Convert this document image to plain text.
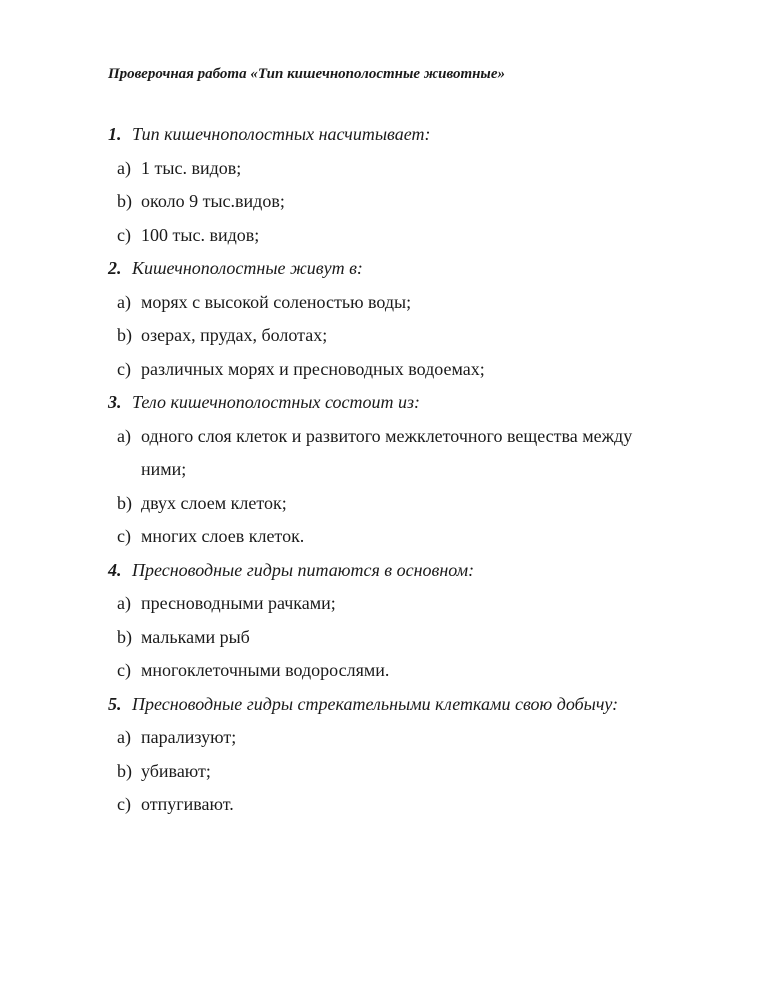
Проверочная работа «Тип кишечнополостные животные»
1. Тип кишечнополостных насчитывает:
a) 1 тыс. видов;
b) около 9 тыс.видов;
c) 100 тыс. видов;
2. Кишечнополостные живут в:
a) морях с высокой соленостью воды;
b) озерах, прудах, болотах;
c) различных морях и пресноводных водоемах;
3. Тело кишечнополостных состоит из:
a) одного слоя клеток и развитого межклеточного вещества между
ними;
b) двух слоем клеток;
c) многих слоев клеток.
4. Пресноводные гидры питаются в основном:
a) пресноводными рачками;
b) мальками рыб
c) многоклеточными водорослями.
5. Пресноводные гидры стрекательными клетками свою добычу:
a) парализуют;
b) убивают;
c) отпугивают.
